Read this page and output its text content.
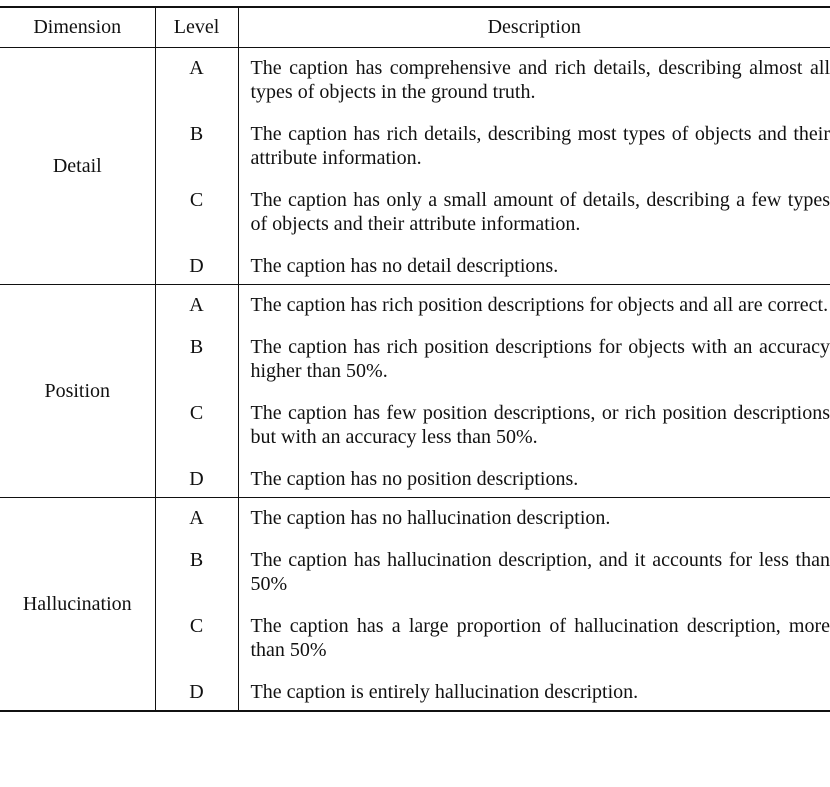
Dimension	Level	Description
Detail	A	The caption has comprehensive and rich details, describing almost all types of objects in the ground truth.
	B	The caption has rich details, describing most types of objects and their attribute information.
	C	The caption has only a small amount of details, describing a few types of objects and their attribute information.
	D	The caption has no detail descriptions.
Position	A	The caption has rich position descriptions for objects and all are correct.
	B	The caption has rich position descriptions for objects with an accuracy higher than 50%.
	C	The caption has few position descriptions, or rich position descriptions but with an accuracy less than 50%.
	D	The caption has no position descriptions.
Hallucination	A	The caption has no hallucination description.
	B	The caption has hallucination description, and it accounts for less than 50%
	C	The caption has a large proportion of hallucination description, more than 50%
	D	The caption is entirely hallucination description.
